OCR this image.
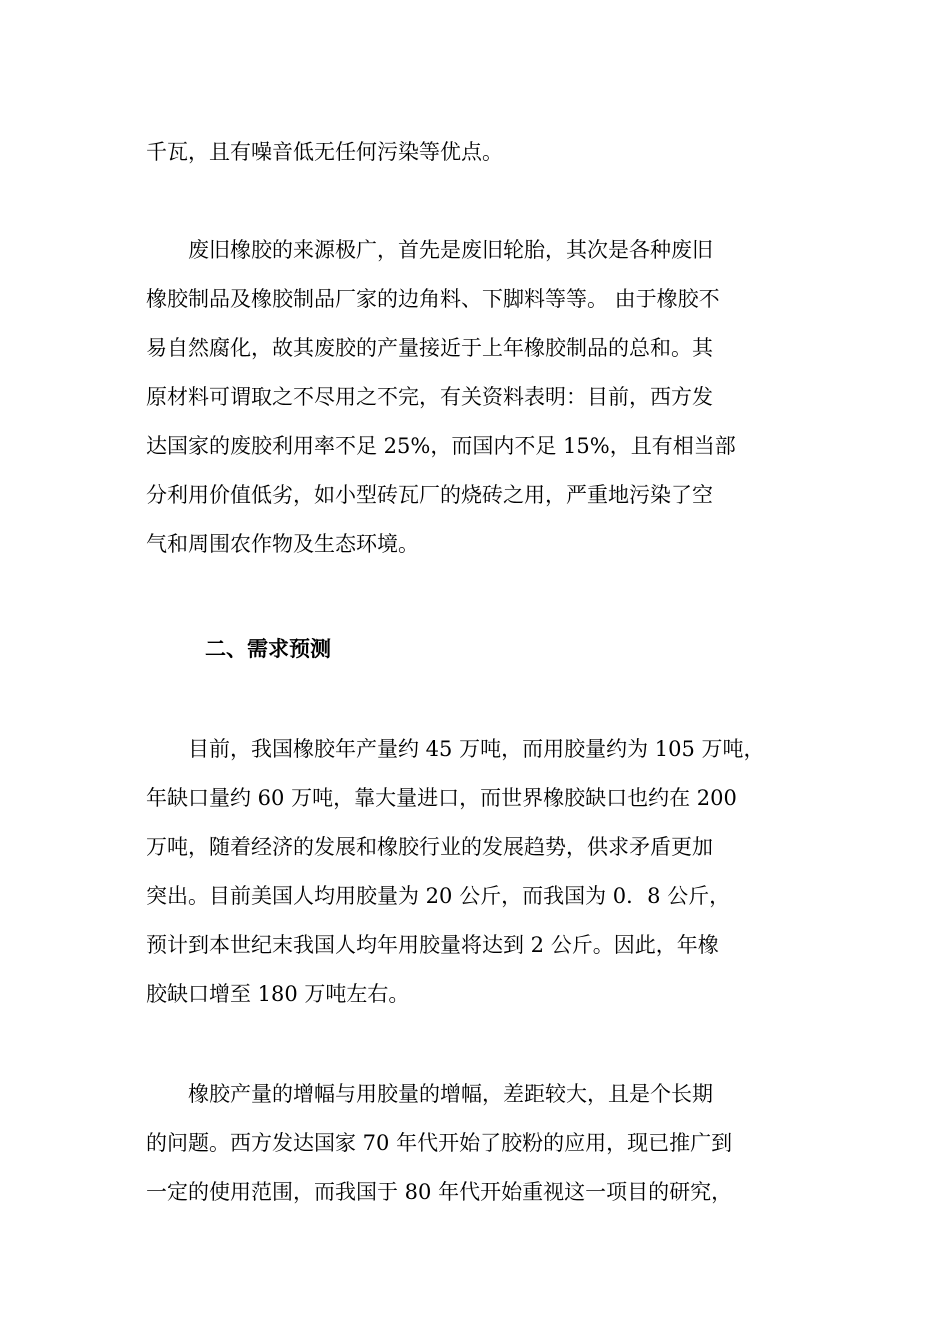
千瓦，且有噪音低无任何污染等优点。
　　废旧橡胶的来源极广，首先是废旧轮胎，其次是各种废旧
橡胶制品及橡胶制品厂家的边角料、下脚料等等。 由于橡胶不
易自然腐化，故其废胶的产量接近于上年橡胶制品的总和。其
原材料可谓取之不尽用之不完，有关资料表明：目前，西方发
达国家的废胶利用率不足 25%，而国内不足 15%，且有相当部
分利用价值低劣，如小型砖瓦厂的烧砖之用，严重地污染了空
气和周围农作物及生态环境。
二、需求预测
　　目前，我国橡胶年产量约 45 万吨，而用胶量约为 105 万吨，
年缺口量约 60 万吨，靠大量进口，而世界橡胶缺口也约在 200
万吨，随着经济的发展和橡胶行业的发展趋势，供求矛盾更加
突出。目前美国人均用胶量为 20 公斤，而我国为 0．8 公斤，
预计到本世纪末我国人均年用胶量将达到 2 公斤。因此，年橡
胶缺口增至 180 万吨左右。
　　橡胶产量的增幅与用胶量的增幅，差距较大，且是个长期
的问题。西方发达国家 70 年代开始了胶粉的应用，现已推广到
一定的使用范围，而我国于 80 年代开始重视这一项目的研究，
